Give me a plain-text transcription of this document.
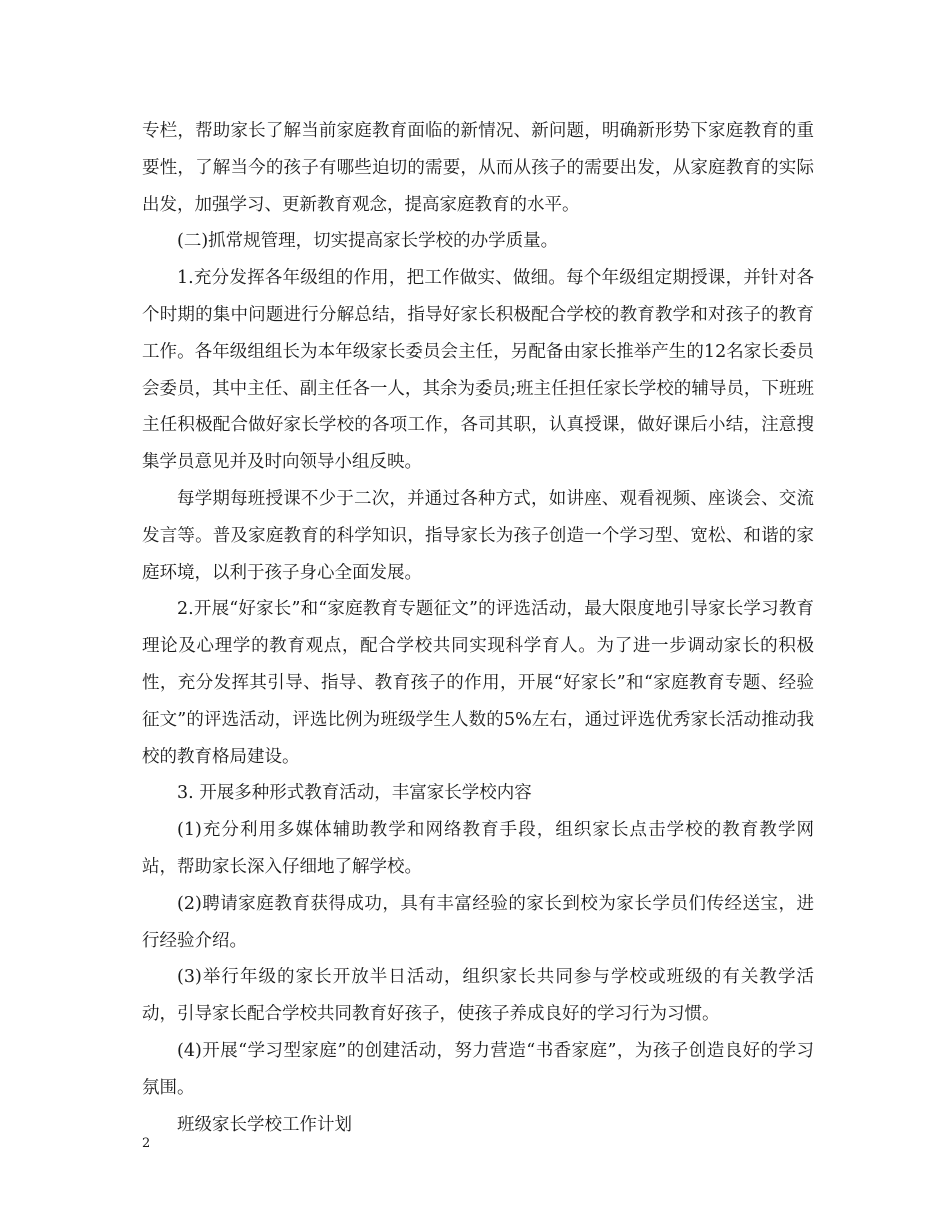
专栏，帮助家长了解当前家庭教育面临的新情况、新问题，明确新形势下家庭教育的重要性，了解当今的孩子有哪些迫切的需要，从而从孩子的需要出发，从家庭教育的实际出发，加强学习、更新教育观念，提高家庭教育的水平。

(二)抓常规管理，切实提高家长学校的办学质量。

1.充分发挥各年级组的作用，把工作做实、做细。每个年级组定期授课，并针对各个时期的集中问题进行分解总结，指导好家长积极配合学校的教育教学和对孩子的教育工作。各年级组组长为本年级家长委员会主任，另配备由家长推举产生的12名家长委员会委员，其中主任、副主任各一人，其余为委员;班主任担任家长学校的辅导员，下班班主任积极配合做好家长学校的各项工作，各司其职，认真授课，做好课后小结，注意搜集学员意见并及时向领导小组反映。

每学期每班授课不少于二次，并通过各种方式，如讲座、观看视频、座谈会、交流发言等。普及家庭教育的科学知识，指导家长为孩子创造一个学习型、宽松、和谐的家庭环境，以利于孩子身心全面发展。

2.开展“好家长”和“家庭教育专题征文”的评选活动，最大限度地引导家长学习教育理论及心理学的教育观点，配合学校共同实现科学育人。为了进一步调动家长的积极性，充分发挥其引导、指导、教育孩子的作用，开展“好家长”和“家庭教育专题、经验征文”的评选活动，评选比例为班级学生人数的5%左右，通过评选优秀家长活动推动我校的教育格局建设。

3. 开展多种形式教育活动，丰富家长学校内容

(1)充分利用多媒体辅助教学和网络教育手段，组织家长点击学校的教育教学网站，帮助家长深入仔细地了解学校。

(2)聘请家庭教育获得成功，具有丰富经验的家长到校为家长学员们传经送宝，进行经验介绍。

(3)举行年级的家长开放半日活动，组织家长共同参与学校或班级的有关教学活动，引导家长配合学校共同教育好孩子，使孩子养成良好的学习行为习惯。

(4)开展“学习型家庭”的创建活动，努力营造“书香家庭”，为孩子创造良好的学习氛围。

班级家长学校工作计划

2
